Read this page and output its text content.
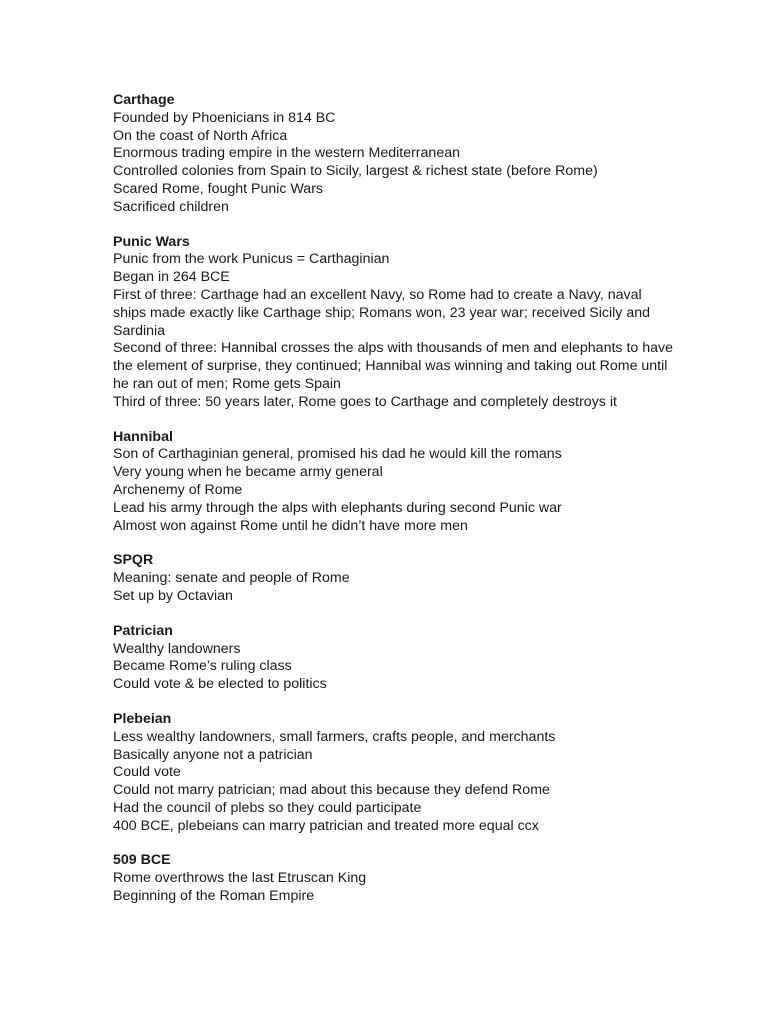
Carthage
Founded by Phoenicians in 814 BC
On the coast of North Africa
Enormous trading empire in the western Mediterranean
Controlled colonies from Spain to Sicily, largest & richest state (before Rome)
Scared Rome, fought Punic Wars
Sacrificed children
Punic Wars
Punic from the work Punicus = Carthaginian
Began in 264 BCE
First of three: Carthage had an excellent Navy, so Rome had to create a Navy, naval ships made exactly like Carthage ship; Romans won, 23 year war; received Sicily and Sardinia
Second of three: Hannibal crosses the alps with thousands of men and elephants to have the element of surprise, they continued; Hannibal was winning and taking out Rome until he ran out of men; Rome gets Spain
Third of three: 50 years later, Rome goes to Carthage and completely destroys it
Hannibal
Son of Carthaginian general, promised his dad he would kill the romans
Very young when he became army general
Archenemy of Rome
Lead his army through the alps with elephants during second Punic war
Almost won against Rome until he didn’t have more men
SPQR
Meaning: senate and people of Rome
Set up by Octavian
Patrician
Wealthy landowners
Became Rome’s ruling class
Could vote & be elected to politics
Plebeian
Less wealthy landowners, small farmers, crafts people, and merchants
Basically anyone not a patrician
Could vote
Could not marry patrician; mad about this because they defend Rome
Had the council of plebs so they could participate
400 BCE, plebeians can marry patrician and treated more equal ccx
509 BCE
Rome overthrows the last Etruscan King
Beginning of the Roman Empire
